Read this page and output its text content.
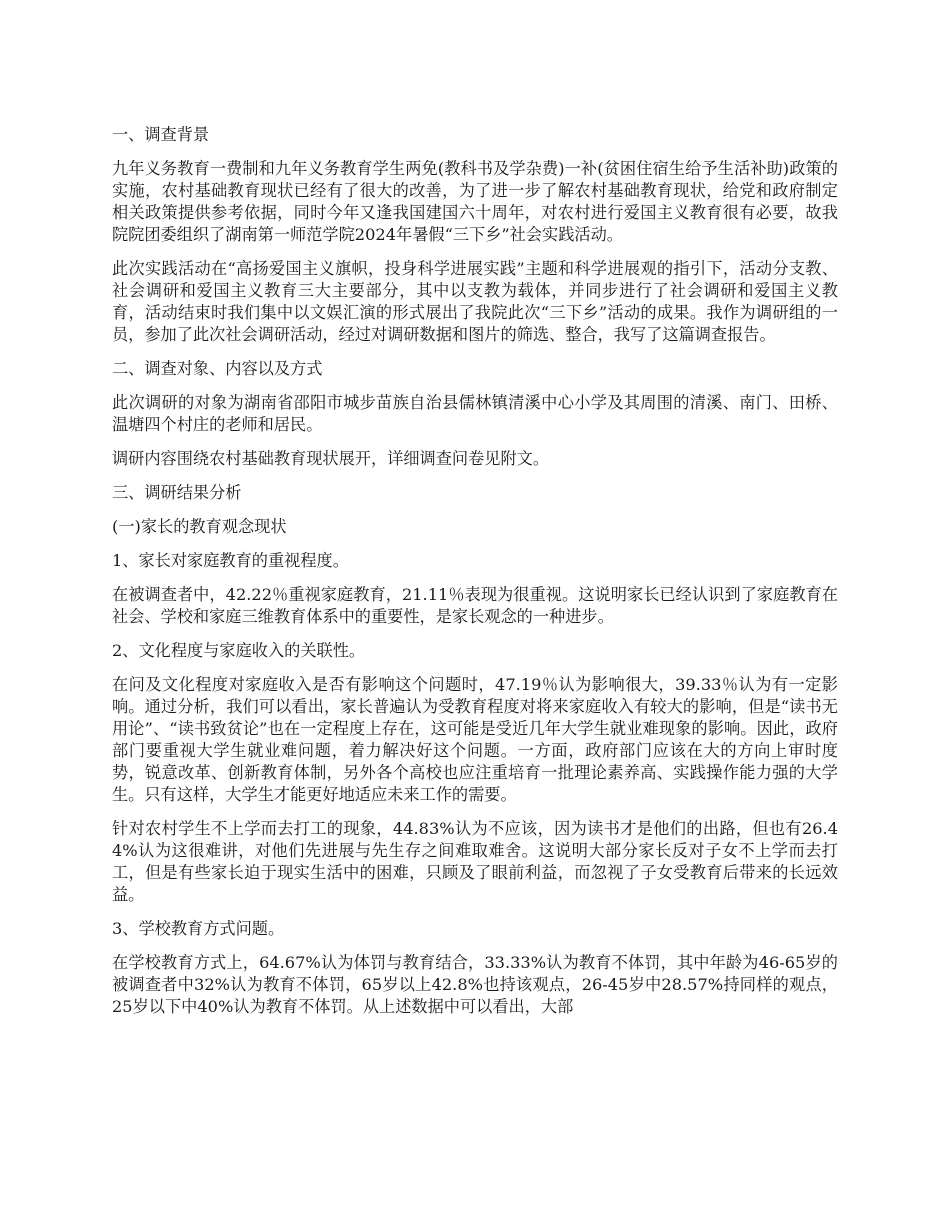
一、调查背景

九年义务教育一费制和九年义务教育学生两免(教科书及学杂费)一补(贫困住宿生给予生活补助)政策的实施，农村基础教育现状已经有了很大的改善，为了进一步了解农村基础教育现状，给党和政府制定相关政策提供参考依据，同时今年又逢我国建国六十周年，对农村进行爱国主义教育很有必要，故我院院团委组织了湖南第一师范学院2024年暑假“三下乡”社会实践活动。

此次实践活动在“高扬爱国主义旗帜，投身科学进展实践”主题和科学进展观的指引下，活动分支教、社会调研和爱国主义教育三大主要部分，其中以支教为载体，并同步进行了社会调研和爱国主义教育，活动结束时我们集中以文娱汇演的形式展出了我院此次“三下乡”活动的成果。我作为调研组的一员，参加了此次社会调研活动，经过对调研数据和图片的筛选、整合，我写了这篇调查报告。

二、调查对象、内容以及方式

此次调研的对象为湖南省邵阳市城步苗族自治县儒林镇清溪中心小学及其周围的清溪、南门、田桥、温塘四个村庄的老师和居民。

调研内容围绕农村基础教育现状展开，详细调查问卷见附文。

三、调研结果分析
(一)家长的教育观念现状
1、家长对家庭教育的重视程度。

在被调查者中，42.22％重视家庭教育，21.11％表现为很重视。这说明家长已经认识到了家庭教育在社会、学校和家庭三维教育体系中的重要性，是家长观念的一种进步。

2、文化程度与家庭收入的关联性。

在问及文化程度对家庭收入是否有影响这个问题时，47.19％认为影响很大，39.33％认为有一定影响。通过分析，我们可以看出，家长普遍认为受教育程度对将来家庭收入有较大的影响，但是“读书无用论”、“读书致贫论”也在一定程度上存在，这可能是受近几年大学生就业难现象的影响。因此，政府部门要重视大学生就业难问题，着力解决好这个问题。一方面，政府部门应该在大的方向上审时度势，锐意改革、创新教育体制，另外各个高校也应注重培育一批理论素养高、实践操作能力强的大学生。只有这样，大学生才能更好地适应未来工作的需要。

针对农村学生不上学而去打工的现象，44.83%认为不应该，因为读书才是他们的出路，但也有26.44%认为这很难讲，对他们先进展与先生存之间难取难舍。这说明大部分家长反对子女不上学而去打工，但是有些家长迫于现实生活中的困难，只顾及了眼前利益，而忽视了子女受教育后带来的长远效益。

3、学校教育方式问题。

在学校教育方式上，64.67%认为体罚与教育结合，33.33%认为教育不体罚，其中年龄为46-65岁的被调查者中32%认为教育不体罚，65岁以上42.8%也持该观点，26-45岁中28.57%持同样的观点，25岁以下中40%认为教育不体罚。从上述数据中可以看出，大部
